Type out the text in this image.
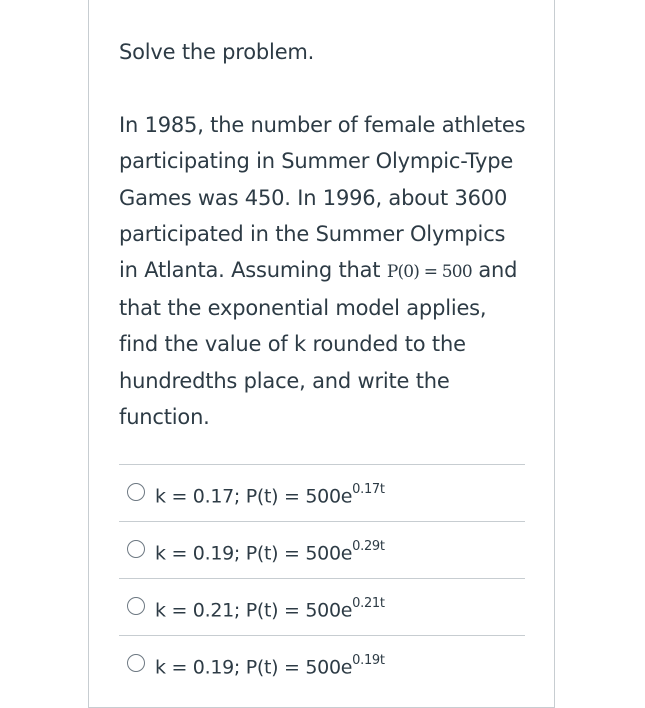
Solve the problem.

In 1985, the number of female athletes participating in Summer Olympic-Type Games was 450. In 1996, about 3600 participated in the Summer Olympics in Atlanta. Assuming that P(0) = 500 and that the exponential model applies, find the value of k rounded to the hundredths place, and write the function.

k = 0.17; $P(t) = 500e^{0.17t}$
k = 0.19; $P(t) = 500e^{0.29t}$
k = 0.21; $P(t) = 500e^{0.21t}$
k = 0.19; $P(t) = 500e^{0.19t}$
